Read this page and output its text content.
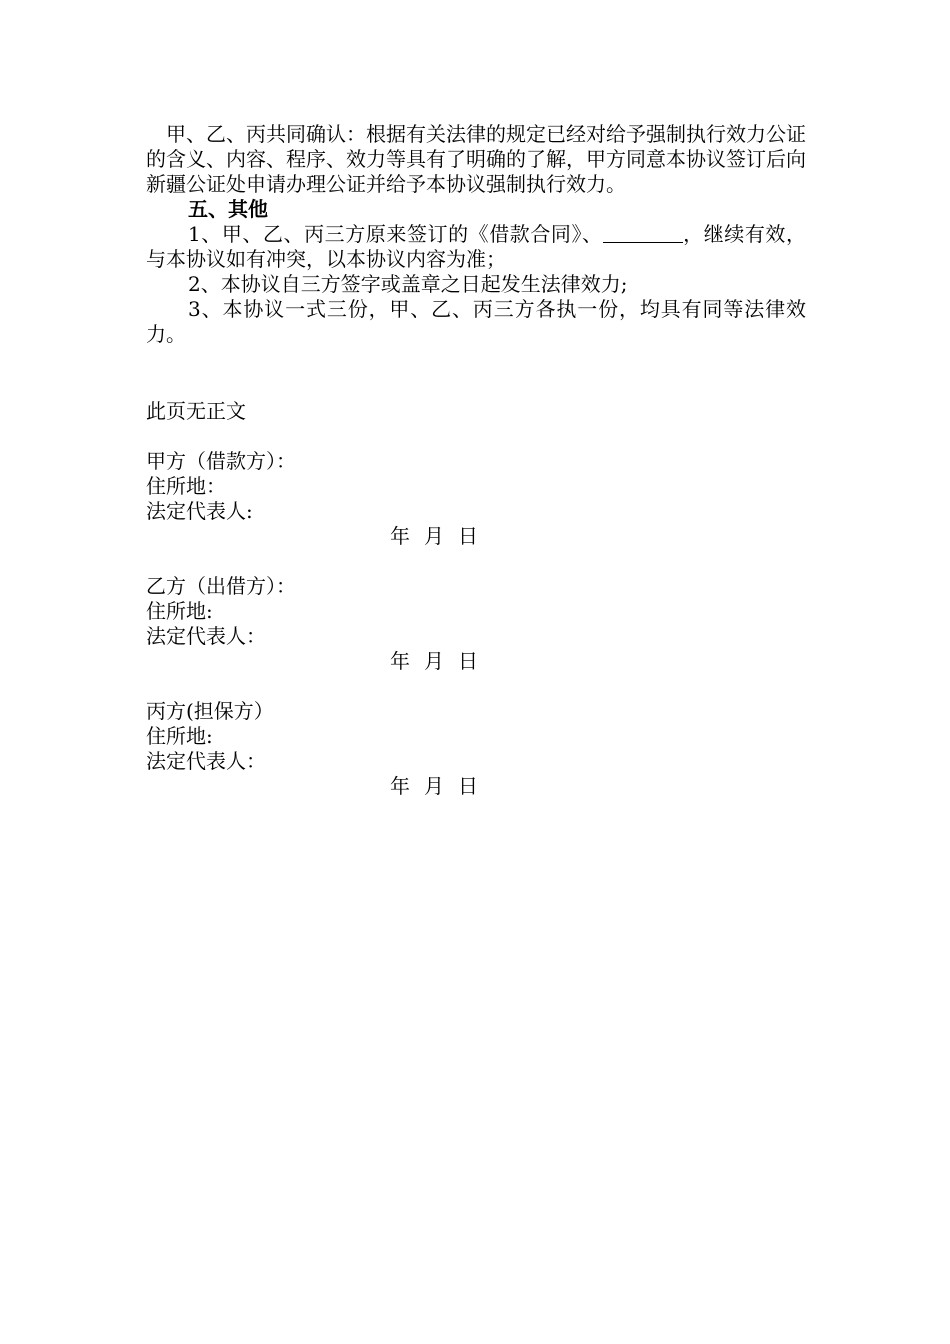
甲、乙、丙共同确认：根据有关法律的规定已经对给予强制执行效力公证的含义、内容、程序、效力等具有了明确的了解，甲方同意本协议签订后向新疆公证处申请办理公证并给予本协议强制执行效力。

五、其他

1、甲、乙、丙三方原来签订的《借款合同》、	，继续有效，与本协议如有冲突，以本协议内容为准；

2、本协议自三方签字或盖章之日起发生法律效力;

3、本协议一式三份，甲、乙、丙三方各执一份，均具有同等法律效力。

此页无正文

甲方（借款方）：

住所地：

法定代表人:

年 月 日

乙方（出借方）：

住所地:

法定代表人：

年 月 日

丙方(担保方）

住所地:

法定代表人：

年 月 日
